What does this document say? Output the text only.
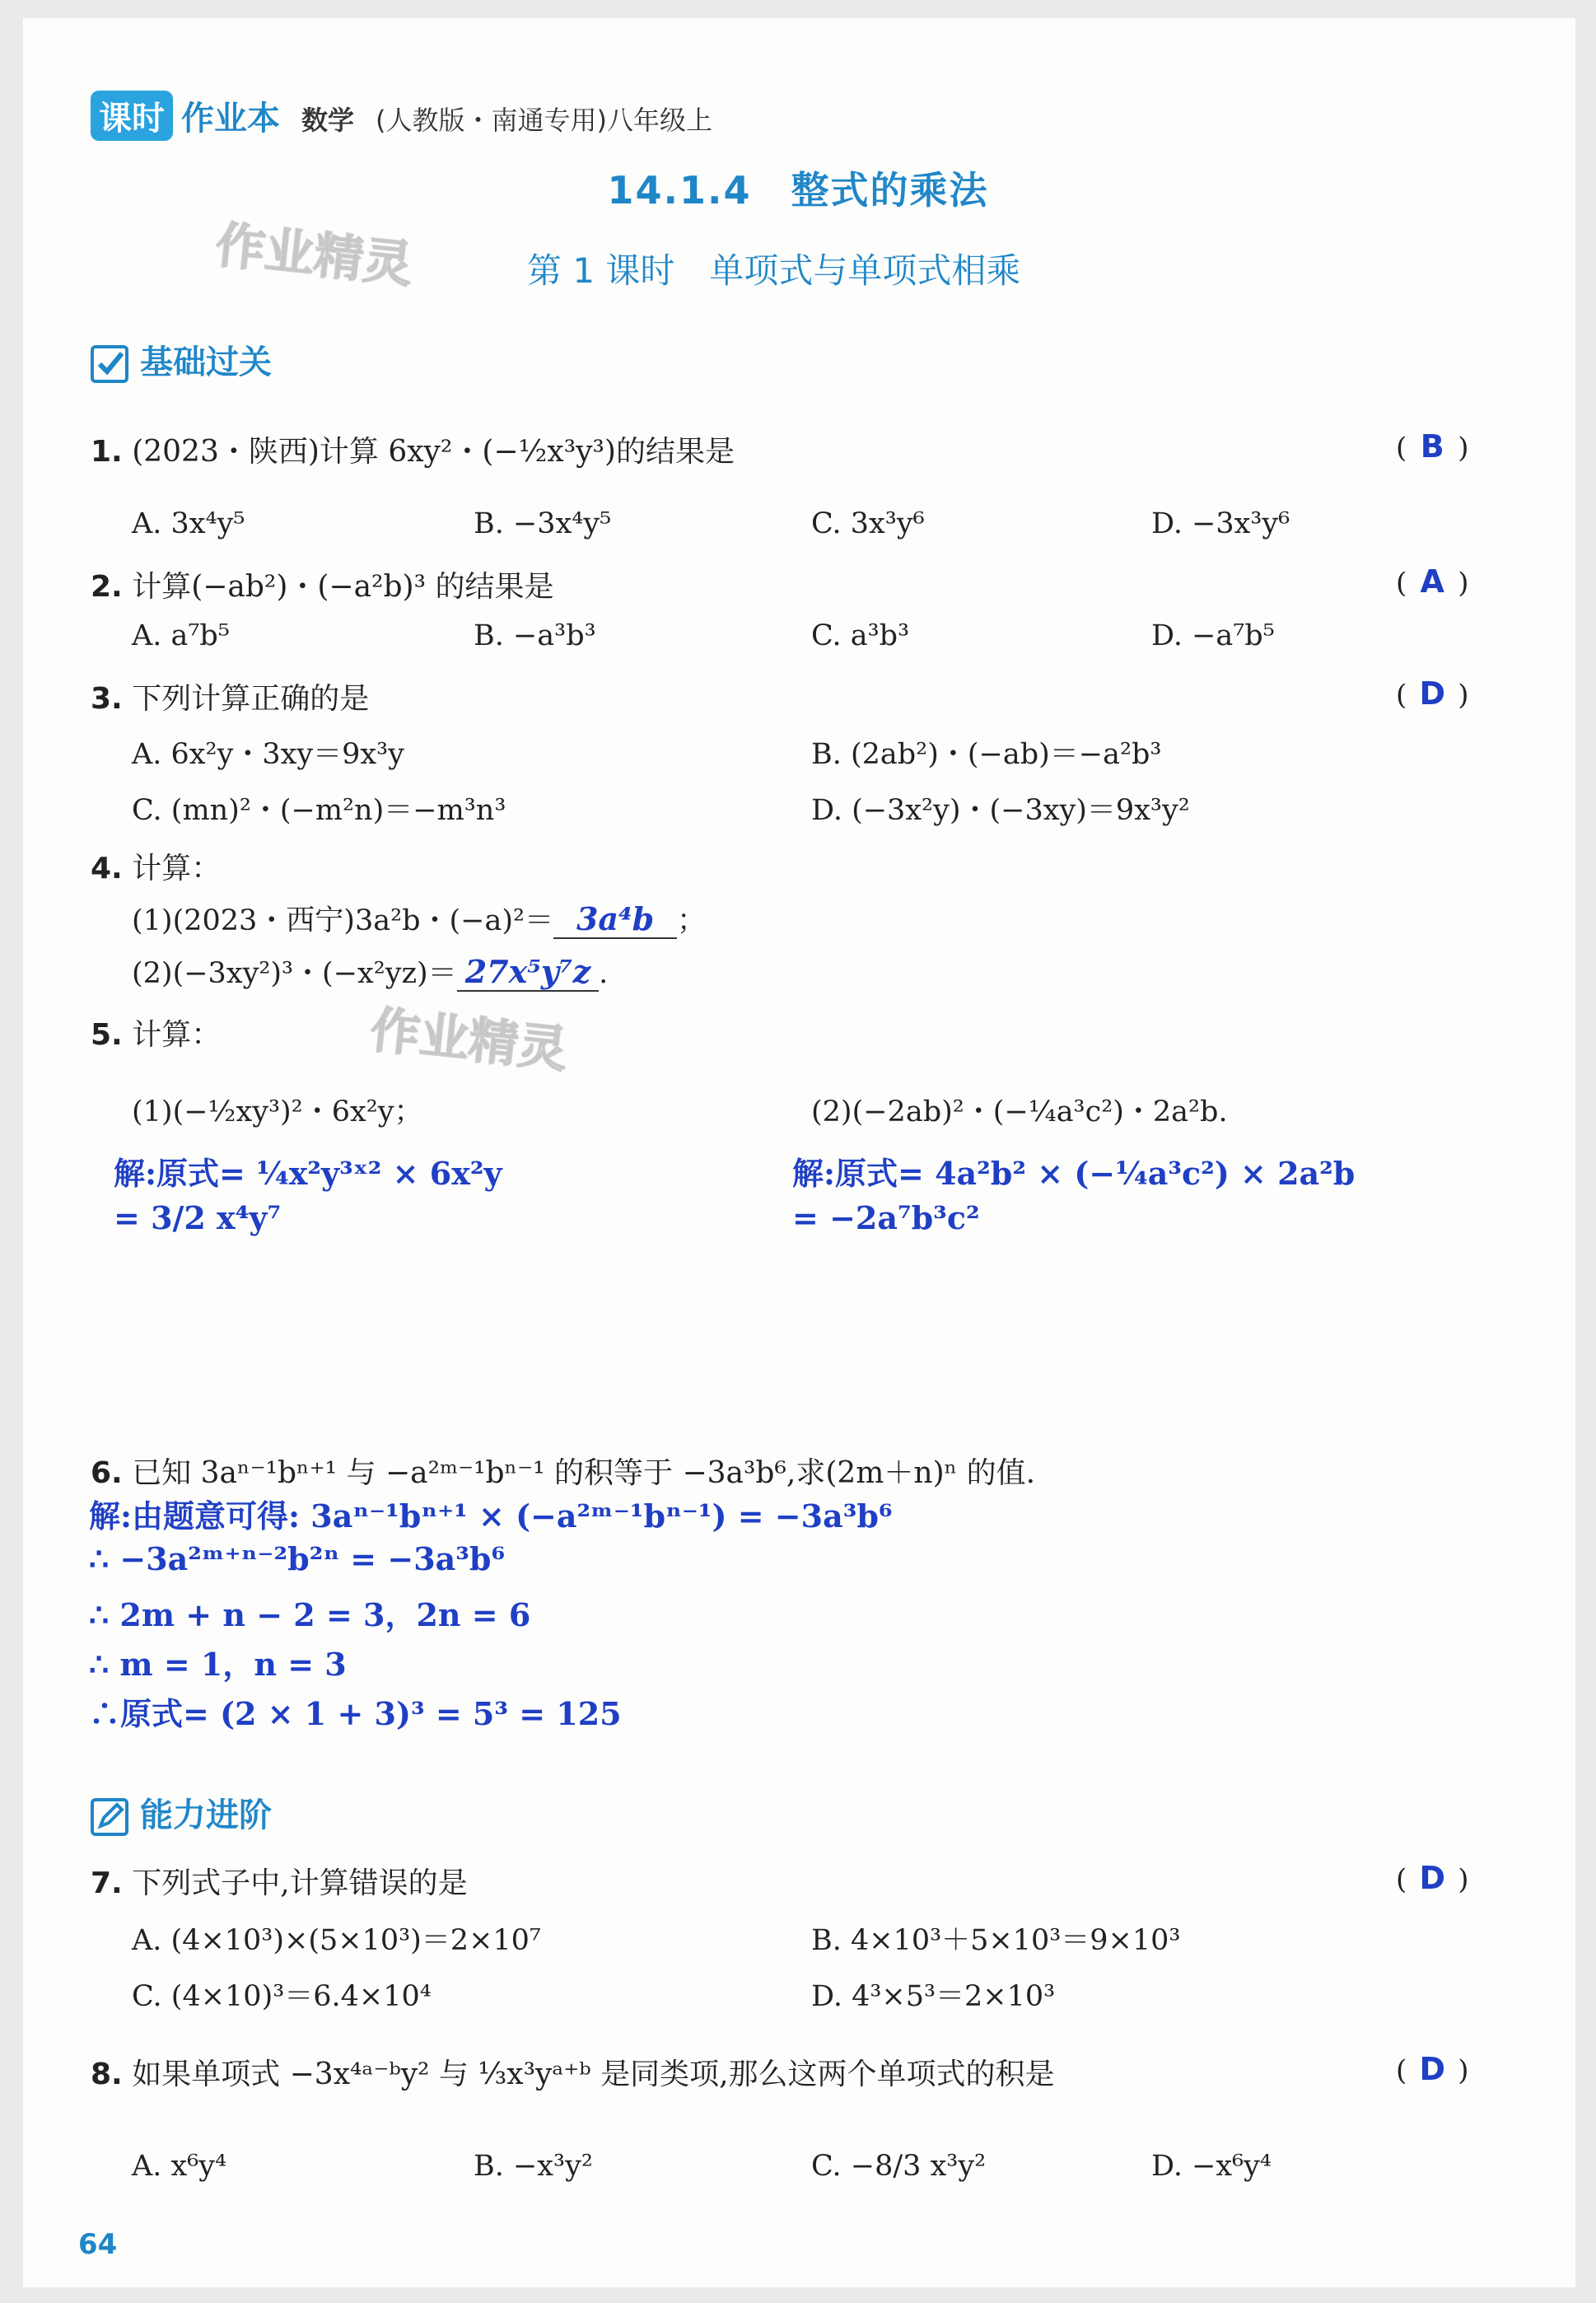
课时 作业本 数学 (人教版・南通专用)八年级上
14.1.4　整式的乘法
第 1 课时　单项式与单项式相乘
作业精灵
作业精灵
基础过关
1. (2023・陕西)计算 6xy²・(−½x³y³)的结果是	( B )
A. 3x⁴y⁵	B. −3x⁴y⁵	C. 3x³y⁶	D. −3x³y⁶
2. 计算(−ab²)・(−a²b)³ 的结果是	( A )
A. a⁷b⁵	B. −a³b³	C. a³b³	D. −a⁷b⁵
3. 下列计算正确的是	( D )
A. 6x²y・3xy＝9x³y	B. (2ab²)・(−ab)＝−a²b³
C. (mn)²・(−m²n)＝−m³n³	D. (−3x²y)・(−3xy)＝9x³y²
4. 计算：
(1)(2023・西宁)3a²b・(−a)²＝ 3a⁴b ；
(2)(−3xy²)³・(−x²yz)＝ 27x⁵y⁷z .
5. 计算：
(1)(−½xy³)²・6x²y；	(2)(−2ab)²・(−¼a³c²)・2a²b.
解:原式= ¼x²y³ˣ² × 6x²y
= 3/2 x⁴y⁷
解:原式= 4a²b² × (−¼a³c²) × 2a²b
= −2a⁷b³c²
6. 已知 3aⁿ⁻¹bⁿ⁺¹ 与 −a²ᵐ⁻¹bⁿ⁻¹ 的积等于 −3a³b⁶,求(2m＋n)ⁿ 的值.
解:由题意可得: 3aⁿ⁻¹bⁿ⁺¹ × (−a²ᵐ⁻¹bⁿ⁻¹) = −3a³b⁶
∴ −3a²ᵐ⁺ⁿ⁻²b²ⁿ = −3a³b⁶
∴ 2m + n − 2 = 3，2n = 6
∴ m = 1，n = 3
∴原式= (2 × 1 + 3)³ = 5³ = 125
能力进阶
7. 下列式子中,计算错误的是	( D )
A. (4×10³)×(5×10³)＝2×10⁷	B. 4×10³＋5×10³＝9×10³
C. (4×10)³＝6.4×10⁴	D. 4³×5³＝2×10³
8. 如果单项式 −3x⁴ᵃ⁻ᵇy² 与 ⅓x³yᵃ⁺ᵇ 是同类项,那么这两个单项式的积是	( D )
A. x⁶y⁴	B. −x³y²	C. −8/3 x³y²	D. −x⁶y⁴
64
